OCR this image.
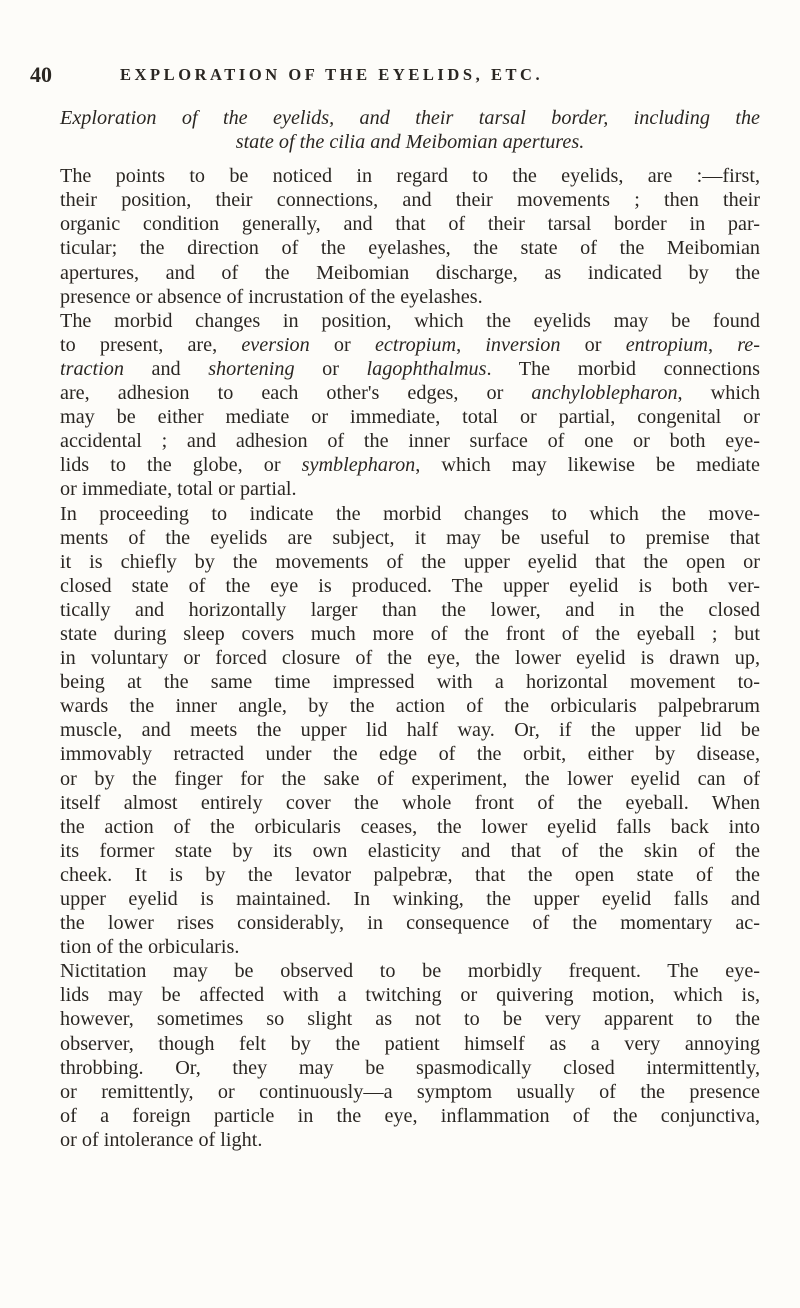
40	EXPLORATION OF THE EYELIDS, ETC.
Exploration of the eyelids, and their tarsal border, including the
state of the cilia and Meibomian apertures.
The points to be noticed in regard to the eyelids, are :—first,
their position, their connections, and their movements ; then their
organic condition generally, and that of their tarsal border in par-
ticular; the direction of the eyelashes, the state of the Meibomian
apertures, and of the Meibomian discharge, as indicated by the
presence or absence of incrustation of the eyelashes.
The morbid changes in position, which the eyelids may be found
to present, are, eversion or ectropium, inversion or entropium, re-
traction and shortening or lagophthalmus. The morbid connections
are, adhesion to each other's edges, or anchyloblepharon, which
may be either mediate or immediate, total or partial, congenital or
accidental ; and adhesion of the inner surface of one or both eye-
lids to the globe, or symblepharon, which may likewise be mediate
or immediate, total or partial.
In proceeding to indicate the morbid changes to which the move-
ments of the eyelids are subject, it may be useful to premise that
it is chiefly by the movements of the upper eyelid that the open or
closed state of the eye is produced. The upper eyelid is both ver-
tically and horizontally larger than the lower, and in the closed
state during sleep covers much more of the front of the eyeball ; but
in voluntary or forced closure of the eye, the lower eyelid is drawn up,
being at the same time impressed with a horizontal movement to-
wards the inner angle, by the action of the orbicularis palpebrarum
muscle, and meets the upper lid half way. Or, if the upper lid be
immovably retracted under the edge of the orbit, either by disease,
or by the finger for the sake of experiment, the lower eyelid can of
itself almost entirely cover the whole front of the eyeball. When
the action of the orbicularis ceases, the lower eyelid falls back into
its former state by its own elasticity and that of the skin of the
cheek. It is by the levator palpebræ, that the open state of the
upper eyelid is maintained. In winking, the upper eyelid falls and
the lower rises considerably, in consequence of the momentary ac-
tion of the orbicularis.
Nictitation may be observed to be morbidly frequent. The eye-
lids may be affected with a twitching or quivering motion, which is,
however, sometimes so slight as not to be very apparent to the
observer, though felt by the patient himself as a very annoying
throbbing. Or, they may be spasmodically closed intermittently,
or remittently, or continuously—a symptom usually of the presence
of a foreign particle in the eye, inflammation of the conjunctiva,
or of intolerance of light.
